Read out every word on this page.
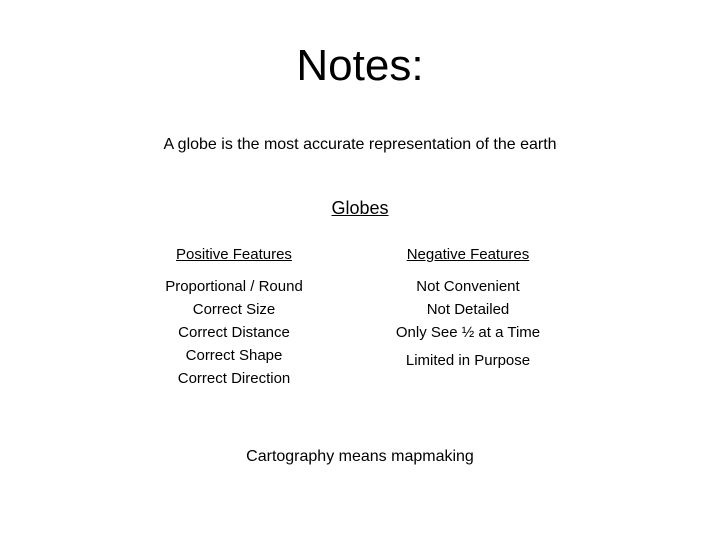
Notes:
A globe is the most accurate representation of the earth
Globes
Positive Features
Proportional / Round
Correct Size
Correct Distance
Correct Shape
Correct Direction
Negative Features
Not Convenient
Not Detailed
Only See ½ at a Time
Limited in Purpose
Cartography means mapmaking
